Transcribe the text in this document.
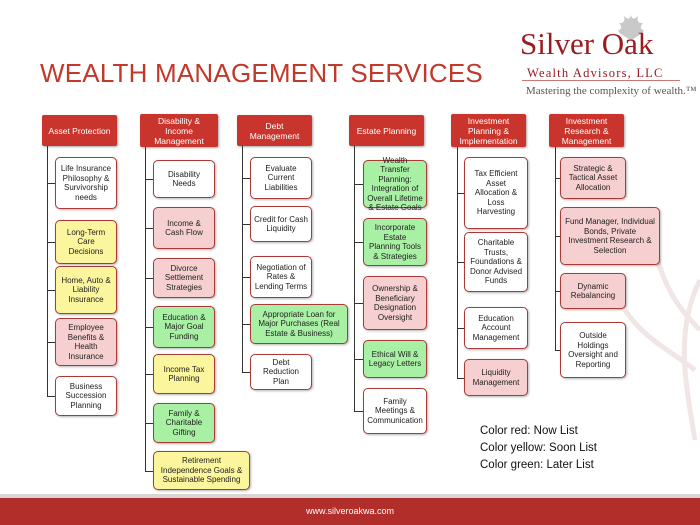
WEALTH MANAGEMENT SERVICES
Silver Oak
Wealth Advisors, LLC
Mastering the complexity of wealth.™
Asset Protection
Life Insurance Philosophy & Survivorship needs
Long-Term Care Decisions
Home, Auto & Liability Insurance
Employee Benefits & Health Insurance
Business Succession Planning
Disability & Income Management
Disability Needs
Income & Cash Flow
Divorce Settlement Strategies
Education & Major Goal Funding
Income Tax Planning
Family & Charitable Gifting
Retirement Independence Goals & Sustainable Spending
Debt Management
Evaluate Current Liabilities
Credit for Cash Liquidity
Negotiation of Rates & Lending Terms
Appropriate Loan for Major Purchases (Real Estate & Business)
Debt Reduction Plan
Estate Planning
Wealth Transfer Planning: Integration of Overall Lifetime & Estate Goals
Incorporate Estate Planning Tools & Strategies
Ownership & Beneficiary Designation Oversight
Ethical Will & Legacy Letters
Family Meetings & Communication
Investment Planning & Implementation
Tax Efficient Asset Allocation & Loss Harvesting
Charitable Trusts, Foundations & Donor Advised Funds
Education Account Management
Liquidity Management
Investment Research & Management
Strategic & Tactical Asset Allocation
Fund Manager, Individual Bonds, Private Investment Research & Selection
Dynamic Rebalancing
Outside Holdings Oversight and Reporting
Color red: Now List
Color yellow: Soon List
Color green: Later List
www.silveroakwa.com
